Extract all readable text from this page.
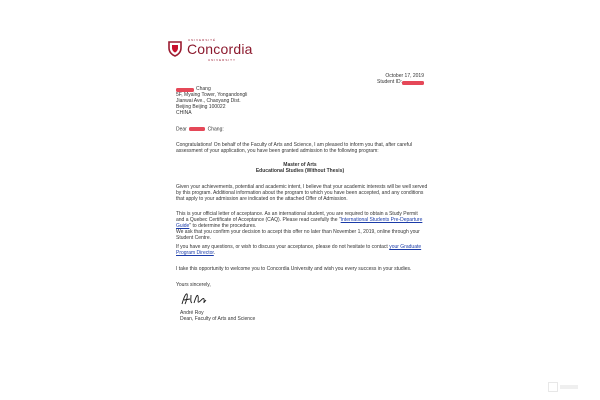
UNIVERSITÉ
Concordia
UNIVERSITY
October 17, 2019
Student ID:
Chang
5F, Myaing Tower, Yongandongli
Jianwai Ave., Chaoyang Dist.
Beijing Beijing 100022
CHINA
Dear	Chang:
Congratulations! On behalf of the Faculty of Arts and Science, I am pleased to inform you that, after careful
assessment of your application, you have been granted admission to the following program:
Master of Arts
Educational Studies (Without Thesis)
Given your achievements, potential and academic intent, I believe that your academic interests will be well served
by this program. Additional information about the program to which you have been accepted, and any conditions
that apply to your admission are indicated on the attached Offer of Admission.
This is your official letter of acceptance. As an international student, you are required to obtain a Study Permit
and a Quebec Certificate of Acceptance (CAQ). Please read carefully the "International Students Pre-Departure
Guide" to determine the procedures.
We ask that you confirm your decision to accept this offer no later than November 1, 2019, online through your
Student Centre.
If you have any questions, or wish to discuss your acceptance, please do not hesitate to contact your Graduate
Program Director.
I take this opportunity to welcome you to Concordia University and wish you every success in your studies.
Yours sincerely,
André Roy
Dean, Faculty of Arts and Science
